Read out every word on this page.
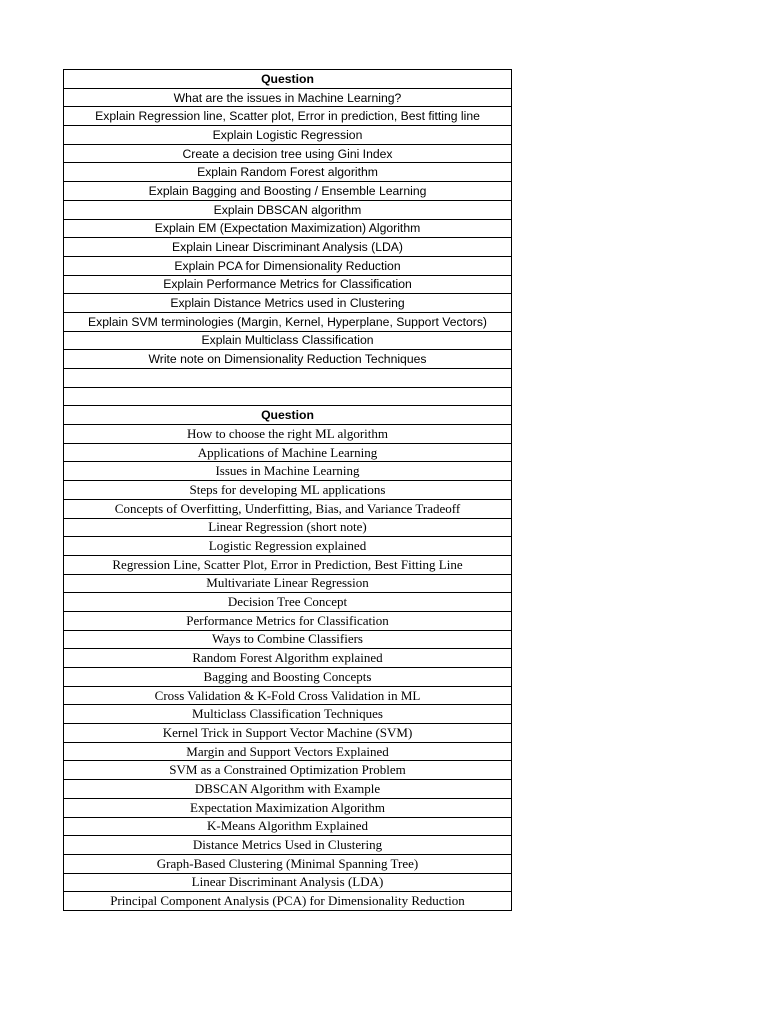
Question
What are the issues in Machine Learning?
Explain Regression line, Scatter plot, Error in prediction, Best fitting line
Explain Logistic Regression
Create a decision tree using Gini Index
Explain Random Forest algorithm
Explain Bagging and Boosting / Ensemble Learning
Explain DBSCAN algorithm
Explain EM (Expectation Maximization) Algorithm
Explain Linear Discriminant Analysis (LDA)
Explain PCA for Dimensionality Reduction
Explain Performance Metrics for Classification
Explain Distance Metrics used in Clustering
Explain SVM terminologies (Margin, Kernel, Hyperplane, Support Vectors)
Explain Multiclass Classification
Write note on Dimensionality Reduction Techniques
Question
How to choose the right ML algorithm
Applications of Machine Learning
Issues in Machine Learning
Steps for developing ML applications
Concepts of Overfitting, Underfitting, Bias, and Variance Tradeoff
Linear Regression (short note)
Logistic Regression explained
Regression Line, Scatter Plot, Error in Prediction, Best Fitting Line
Multivariate Linear Regression
Decision Tree Concept
Performance Metrics for Classification
Ways to Combine Classifiers
Random Forest Algorithm explained
Bagging and Boosting Concepts
Cross Validation & K-Fold Cross Validation in ML
Multiclass Classification Techniques
Kernel Trick in Support Vector Machine (SVM)
Margin and Support Vectors Explained
SVM as a Constrained Optimization Problem
DBSCAN Algorithm with Example
Expectation Maximization Algorithm
K-Means Algorithm Explained
Distance Metrics Used in Clustering
Graph-Based Clustering (Minimal Spanning Tree)
Linear Discriminant Analysis (LDA)
Principal Component Analysis (PCA) for Dimensionality Reduction
